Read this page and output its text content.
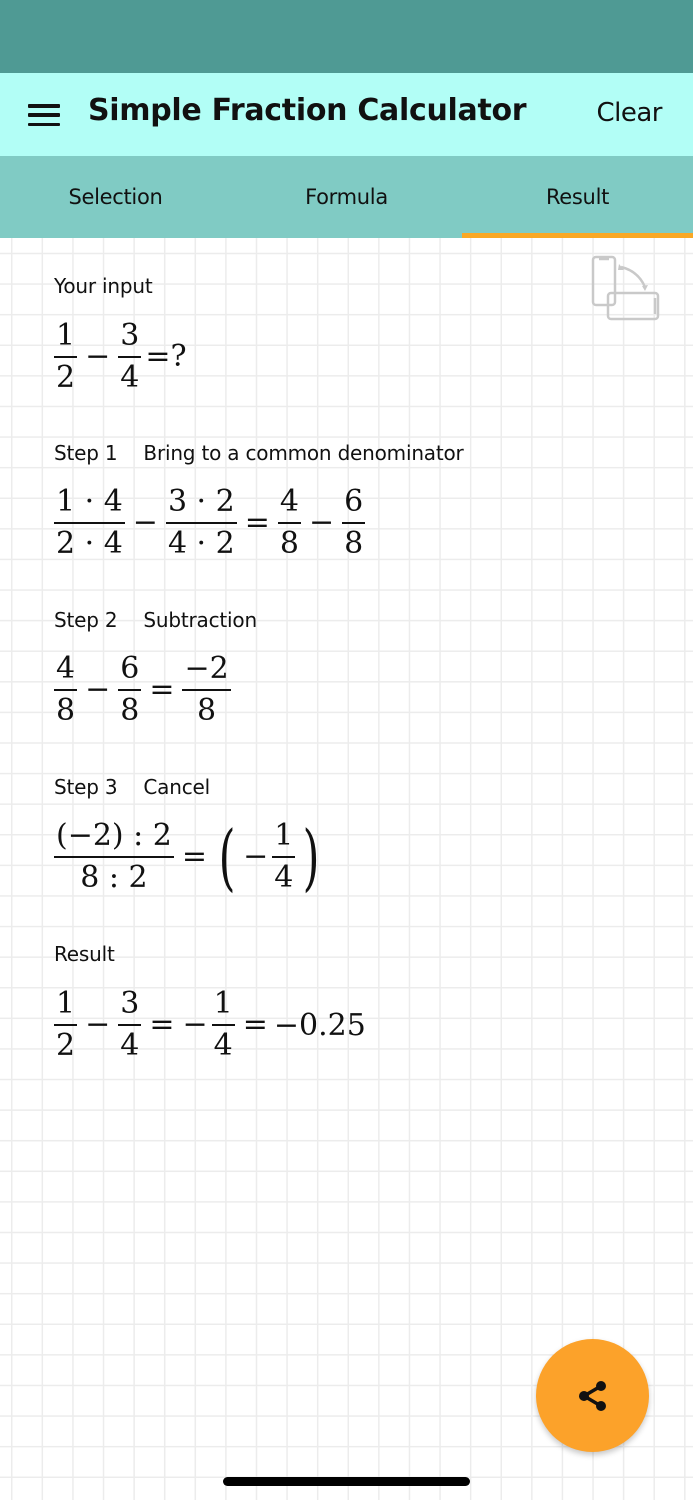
Simple Fraction Calculator	Clear
Selection	Formula	Result
Your input
$\frac{1}{2} - \frac{3}{4}$ =?
Step 1 Bring to a common denominator
$\frac{1 \cdot 4}{2 \cdot 4} - \frac{3 \cdot 2}{4 \cdot 2} = \frac{4}{8} - \frac{6}{8}$
Step 2 Subtraction
$\frac{4}{8} - \frac{6}{8} = \frac{-2}{8}$
Step 3 Cancel
$\frac{(-2) : 2}{8 : 2}$ = ( − $\frac{1}{4}$ )
Result
$\frac{1}{2} - \frac{3}{4}$ = − $\frac{1}{4} = -0.25$
